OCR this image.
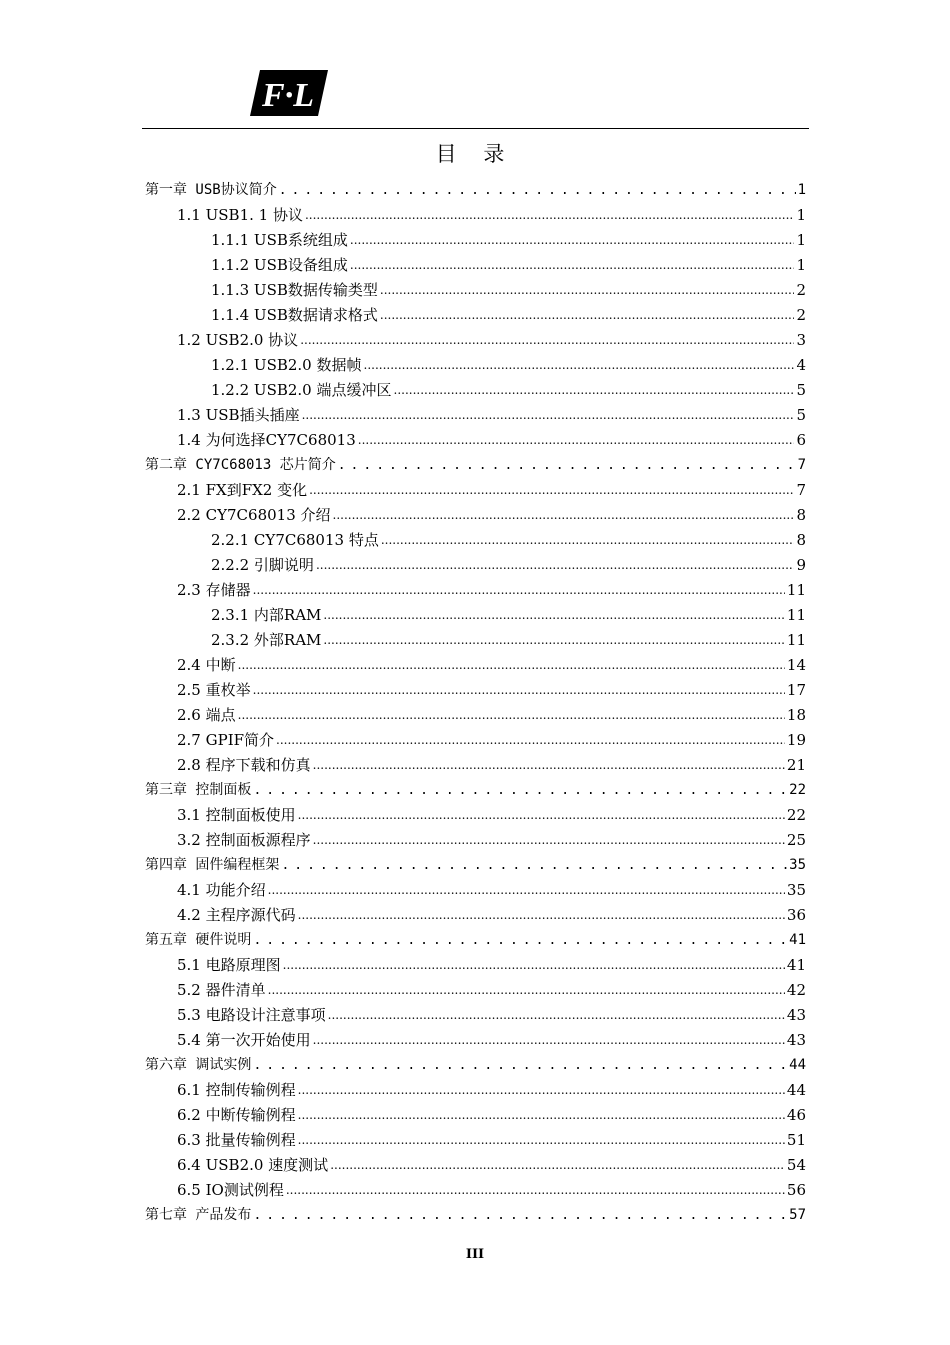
F·L
目 录
第一章 USB协议简介 .....	1
1.1 USB1. 1 协议 .....	1
1.1.1 USB系统组成 .....	1
1.1.2 USB设备组成 .....	1
1.1.3 USB数据传输类型 .....	2
1.1.4 USB数据请求格式 .....	2
1.2 USB2.0 协议 .....	3
1.2.1 USB2.0 数据帧 .....	4
1.2.2 USB2.0 端点缓冲区 .....	5
1.3 USB插头插座 .....	5
1.4 为何选择CY7C68013 .....	6
第二章 CY7C68013 芯片简介 .....	7
2.1 FX到FX2 变化 .....	7
2.2 CY7C68013 介绍 .....	8
2.2.1 CY7C68013 特点 .....	8
2.2.2 引脚说明 .....	9
2.3 存储器 .....	11
2.3.1 内部RAM .....	11
2.3.2 外部RAM .....	11
2.4 中断 .....	14
2.5 重枚举 .....	17
2.6 端点 .....	18
2.7 GPIF简介 .....	19
2.8 程序下载和仿真 .....	21
第三章 控制面板 .....	22
3.1 控制面板使用 .....	22
3.2 控制面板源程序 .....	25
第四章 固件编程框架 .....	35
4.1 功能介绍 .....	35
4.2 主程序源代码 .....	36
第五章 硬件说明 .....	41
5.1 电路原理图 .....	41
5.2 器件清单 .....	42
5.3 电路设计注意事项 .....	43
5.4 第一次开始使用 .....	43
第六章 调试实例 .....	44
6.1 控制传输例程 .....	44
6.2 中断传输例程 .....	46
6.3 批量传输例程 .....	51
6.4 USB2.0 速度测试 .....	54
6.5 IO测试例程 .....	56
第七章 产品发布 .....	57
III
